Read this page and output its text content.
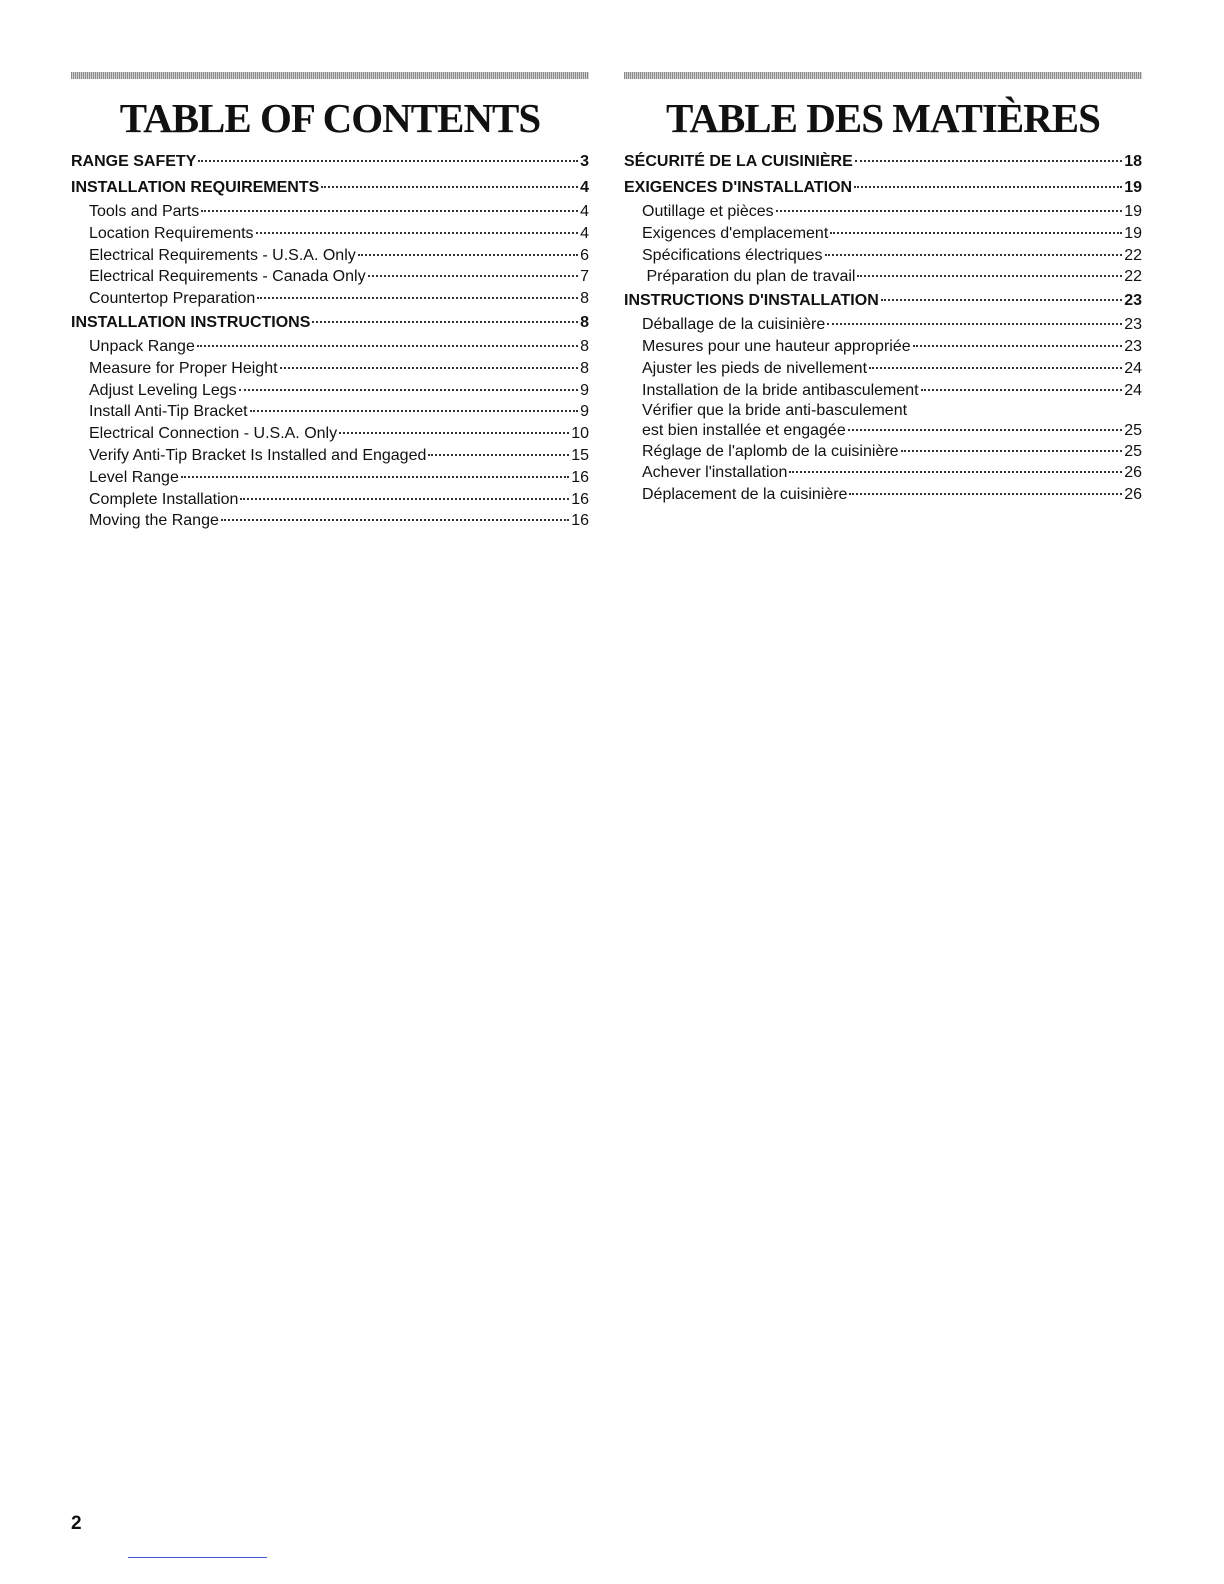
TABLE OF CONTENTS
RANGE SAFETY	3
INSTALLATION REQUIREMENTS	4
Tools and Parts	4
Location Requirements	4
Electrical Requirements - U.S.A. Only	6
Electrical Requirements - Canada Only	7
Countertop Preparation	8
INSTALLATION INSTRUCTIONS	8
Unpack Range	8
Measure for Proper Height	8
Adjust Leveling Legs	9
Install Anti-Tip Bracket	9
Electrical Connection - U.S.A. Only	10
Verify Anti-Tip Bracket Is Installed and Engaged	15
Level Range	16
Complete Installation	16
Moving the Range	16
TABLE DES MATIÈRES
SÉCURITÉ DE LA CUISINIÈRE	18
EXIGENCES D'INSTALLATION	19
Outillage et pièces	19
Exigences d'emplacement	19
Spécifications électriques	22
Préparation du plan de travail	22
INSTRUCTIONS D'INSTALLATION	23
Déballage de la cuisinière	23
Mesures pour une hauteur appropriée	23
Ajuster les pieds de nivellement	24
Installation de la bride antibasculement	24
Vérifier que la bride anti-basculement
est bien installée et engagée	25
Réglage de l'aplomb de la cuisinière	25
Achever l'installation	26
Déplacement de la cuisinière	26
2
